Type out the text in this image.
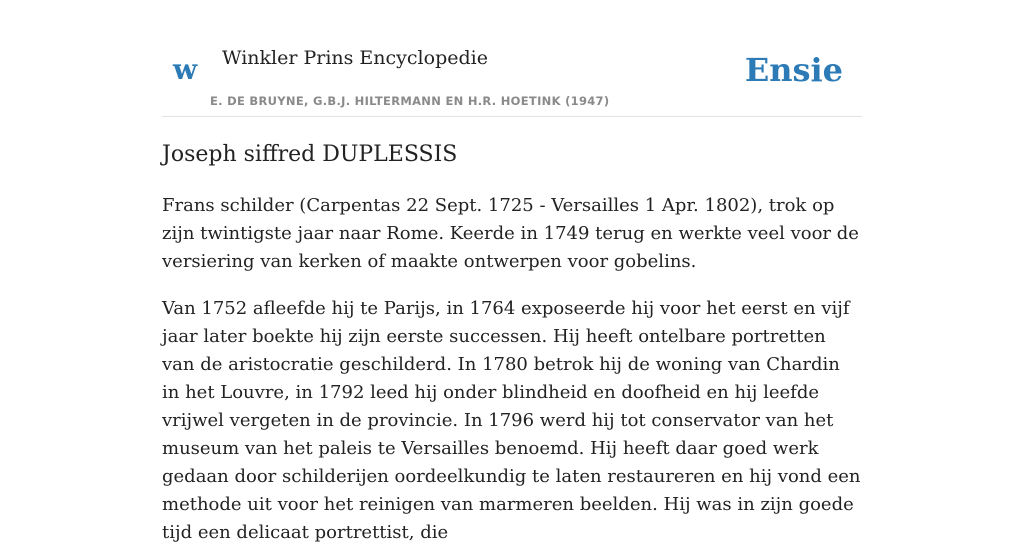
w Winkler Prins Encyclopedie
E. DE BRUYNE, G.B.J. HILTERMANN EN H.R. HOETINK (1947)
Ensie
Joseph siffred DUPLESSIS

Frans schilder (Carpentas 22 Sept. 1725 - Versailles 1 Apr. 1802), trok op zijn twintigste jaar naar Rome. Keerde in 1749 terug en werkte veel voor de versiering van kerken of maakte ontwerpen voor gobelins.

Van 1752 afleefde hij te Parijs, in 1764 exposeerde hij voor het eerst en vijf jaar later boekte hij zijn eerste successen. Hij heeft ontelbare portretten van de aristocratie geschilderd. In 1780 betrok hij de woning van Chardin in het Louvre, in 1792 leed hij onder blindheid en doofheid en hij leefde vrijwel vergeten in de provincie. In 1796 werd hij tot conservator van het museum van het paleis te Versailles benoemd. Hij heeft daar goed werk gedaan door schilderijen oordeelkundig te laten restaureren en hij vond een methode uit voor het reinigen van marmeren beelden. Hij was in zijn goede tijd een delicaat portrettist, die
